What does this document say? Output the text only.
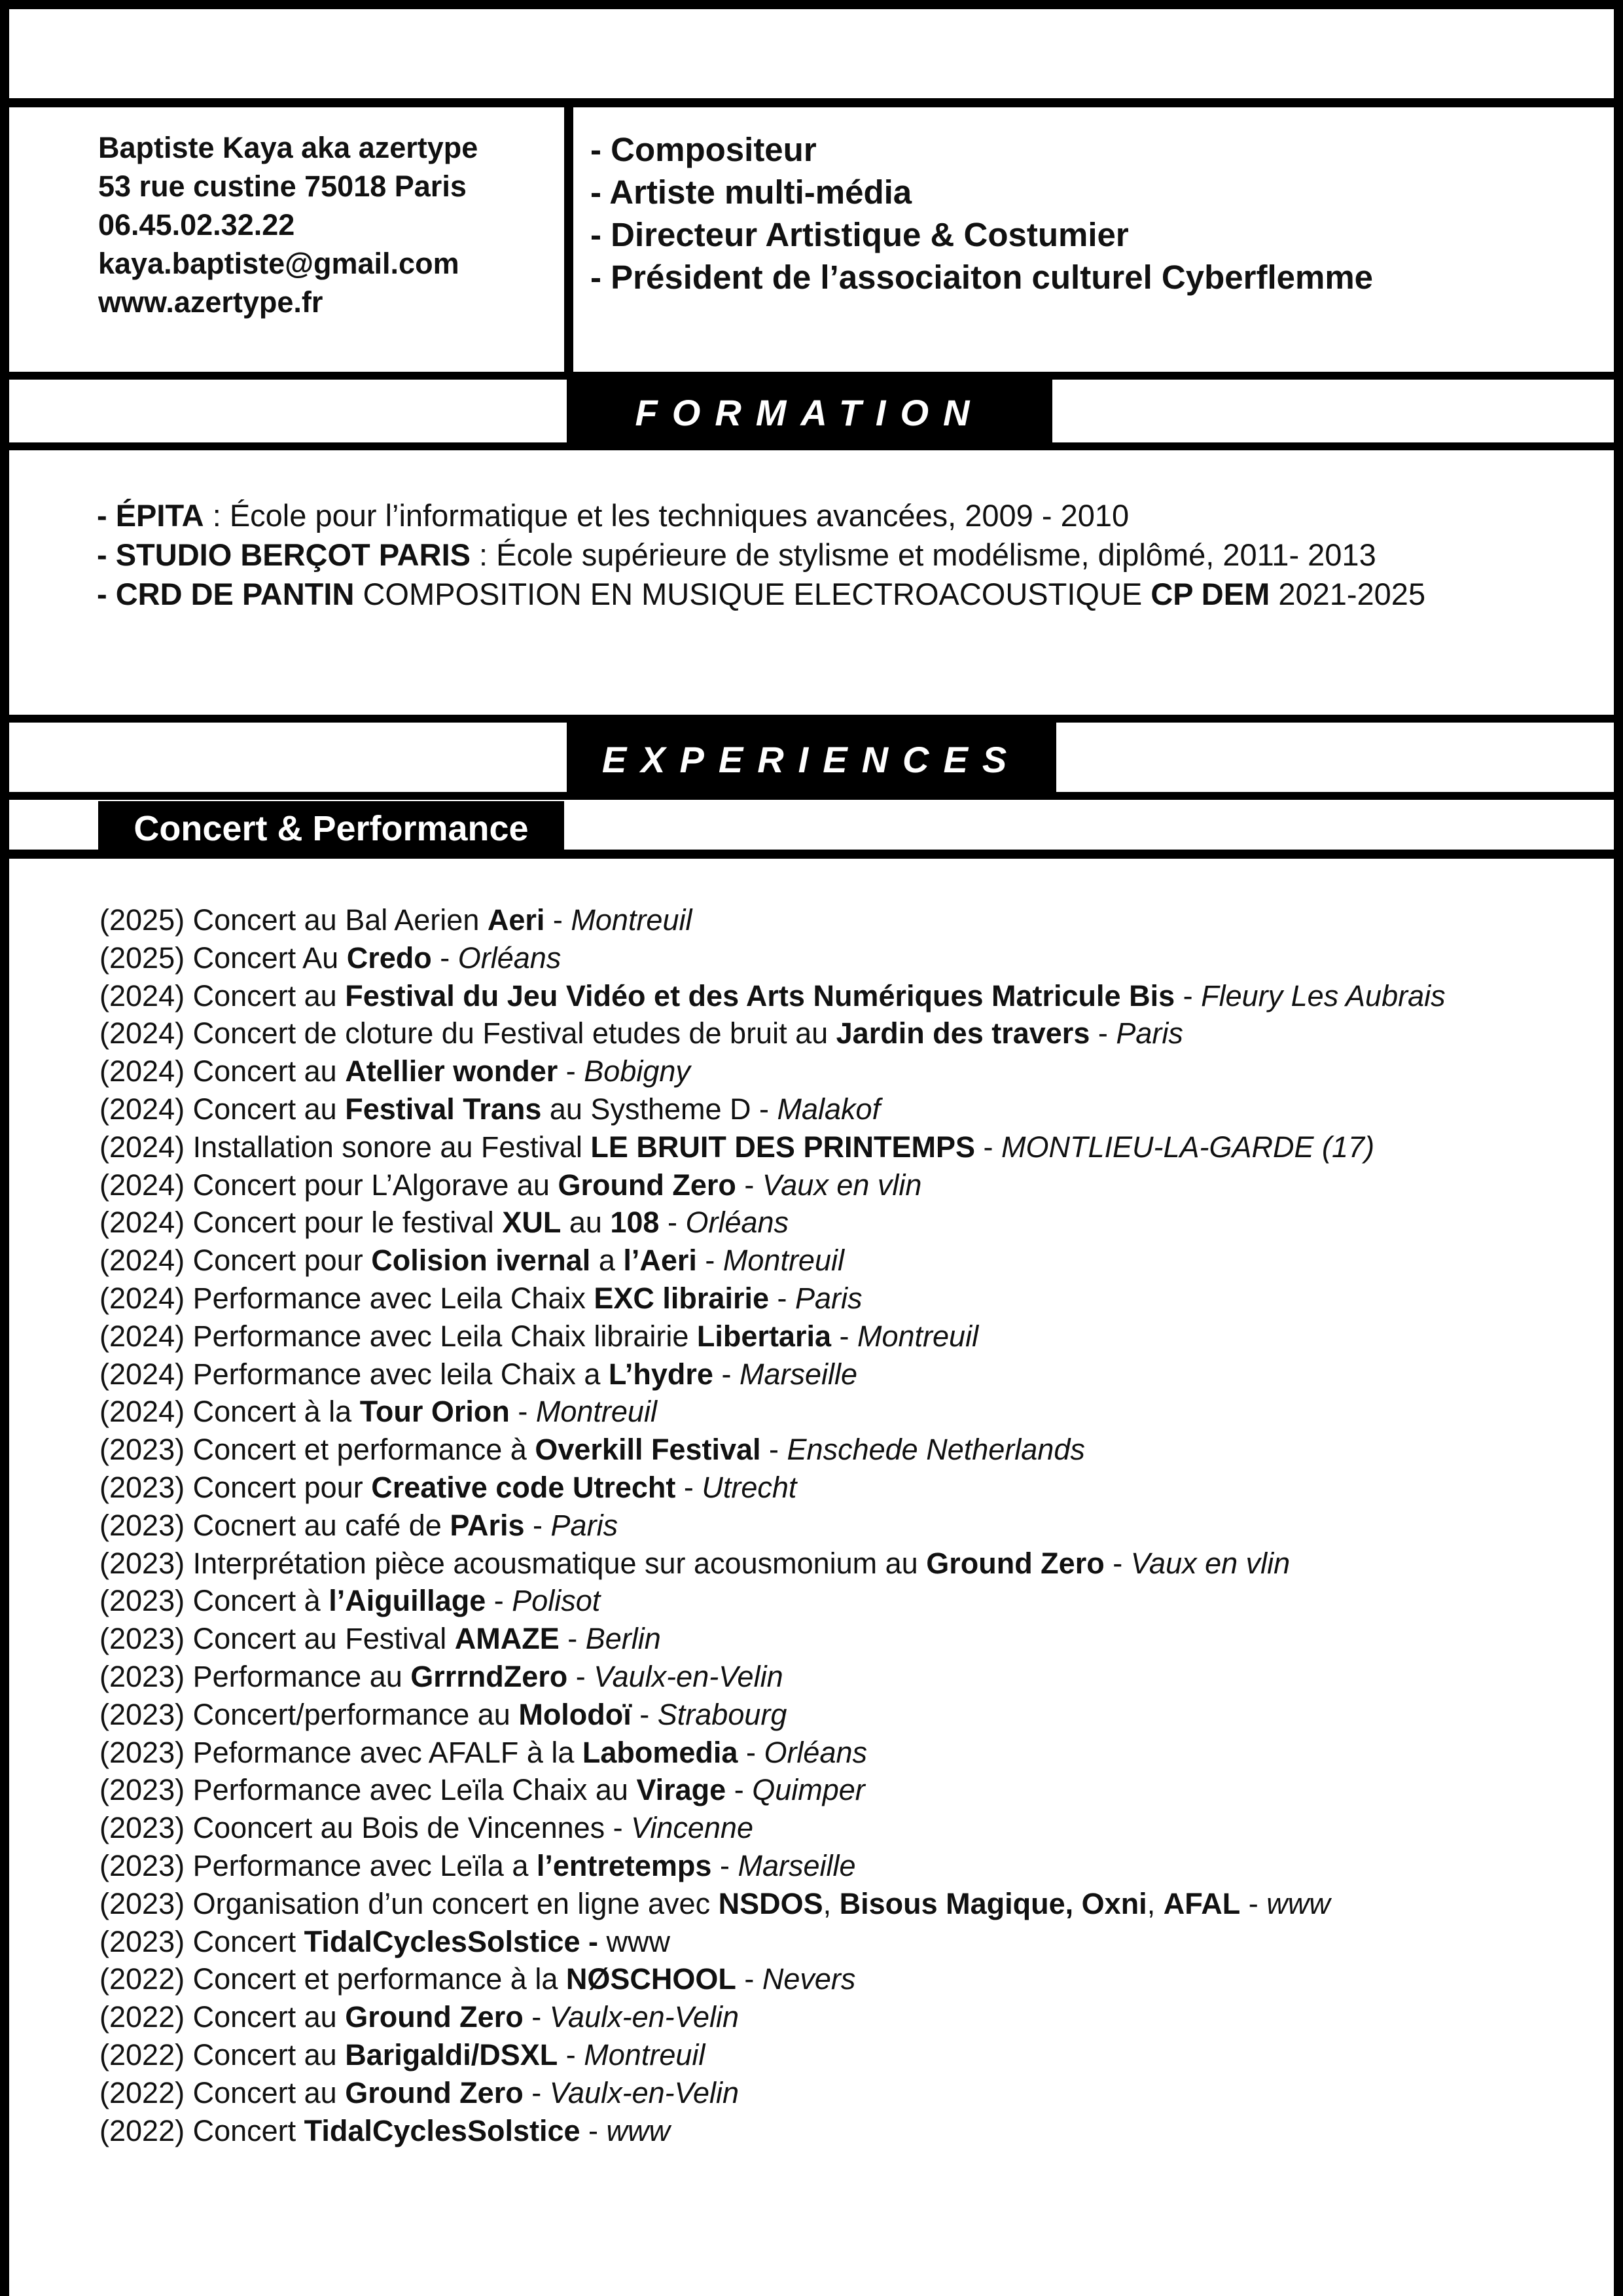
Baptiste Kaya aka azertype
53 rue custine 75018 Paris
06.45.02.32.22
kaya.baptiste@gmail.com
www.azertype.fr
- Compositeur
- Artiste multi-média
- Directeur Artistique & Costumier
- Président de l’associaiton culturel Cyberflemme
FORMATION
- ÉPITA : École pour l’informatique et les techniques avancées, 2009 - 2010
- STUDIO BERÇOT PARIS : École supérieure de stylisme et modélisme, diplômé, 2011- 2013
- CRD DE PANTIN COMPOSITION EN MUSIQUE ELECTROACOUSTIQUE CP DEM 2021-2025
EXPERIENCES
Concert & Performance
(2025) Concert au Bal Aerien Aeri - Montreuil
(2025) Concert Au Credo - Orléans
(2024) Concert au Festival du Jeu Vidéo et des Arts Numériques Matricule Bis - Fleury Les Aubrais
(2024) Concert de cloture du Festival etudes de bruit au Jardin des travers - Paris
(2024) Concert au Atellier wonder - Bobigny
(2024) Concert au Festival Trans au Systheme D - Malakof
(2024) Installation sonore au Festival LE BRUIT DES PRINTEMPS - MONTLIEU-LA-GARDE (17)
(2024) Concert pour L’Algorave au Ground Zero - Vaux en vlin
(2024) Concert pour le festival XUL au 108 - Orléans
(2024) Concert pour Colision ivernal a l’Aeri - Montreuil
(2024) Performance avec Leila Chaix EXC librairie - Paris
(2024) Performance avec Leila Chaix librairie Libertaria - Montreuil
(2024) Performance avec leila Chaix a L’hydre - Marseille
(2024) Concert à la Tour Orion - Montreuil
(2023) Concert et performance à Overkill Festival - Enschede Netherlands
(2023) Concert pour Creative code Utrecht - Utrecht
(2023) Cocnert au café de PAris - Paris
(2023) Interprétation pièce acousmatique sur acousmonium au Ground Zero - Vaux en vlin
(2023) Concert à l’Aiguillage - Polisot
(2023) Concert au Festival AMAZE - Berlin
(2023) Performance au GrrrndZero - Vaulx-en-Velin
(2023) Concert/performance au Molodoï - Strabourg
(2023) Peformance avec AFALF à la Labomedia - Orléans
(2023) Performance avec Leïla Chaix au Virage - Quimper
(2023) Cooncert au Bois de Vincennes - Vincenne
(2023) Performance avec Leïla a l’entretemps - Marseille
(2023) Organisation d’un concert en ligne avec NSDOS, Bisous Magique, Oxni, AFAL - www
(2023) Concert TidalCyclesSolstice - www
(2022) Concert et performance à la NØSCHOOL - Nevers
(2022) Concert au Ground Zero - Vaulx-en-Velin
(2022) Concert au Barigaldi/DSXL - Montreuil
(2022) Concert au Ground Zero - Vaulx-en-Velin
(2022) Concert TidalCyclesSolstice - www
